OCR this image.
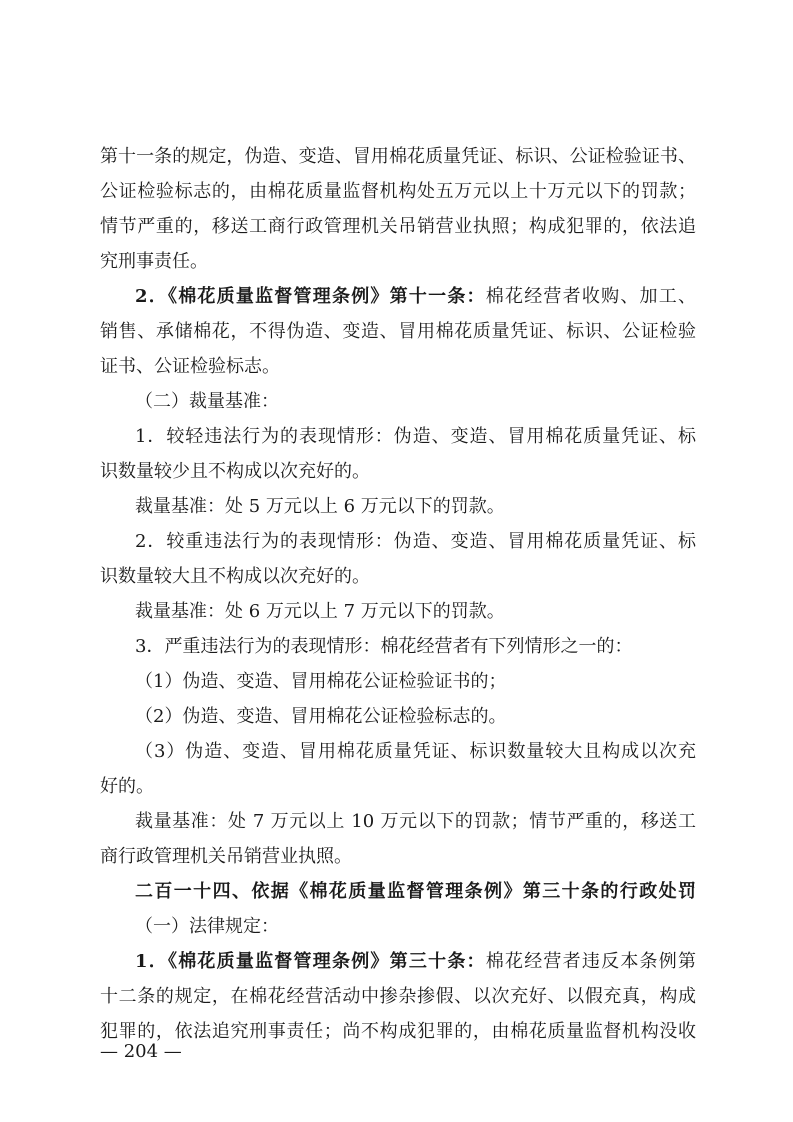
第十一条的规定，伪造、变造、冒用棉花质量凭证、标识、公证检验证书、
公证检验标志的，由棉花质量监督机构处五万元以上十万元以下的罚款；
情节严重的，移送工商行政管理机关吊销营业执照；构成犯罪的，依法追
究刑事责任。
2．《棉花质量监督管理条例》第十一条：棉花经营者收购、加工、
销售、承储棉花，不得伪造、变造、冒用棉花质量凭证、标识、公证检验
证书、公证检验标志。
（二）裁量基准：
1．较轻违法行为的表现情形：伪造、变造、冒用棉花质量凭证、标
识数量较少且不构成以次充好的。
裁量基准：处 5 万元以上 6 万元以下的罚款。
2．较重违法行为的表现情形：伪造、变造、冒用棉花质量凭证、标
识数量较大且不构成以次充好的。
裁量基准：处 6 万元以上 7 万元以下的罚款。
3．严重违法行为的表现情形：棉花经营者有下列情形之一的：
（1）伪造、变造、冒用棉花公证检验证书的；
（2）伪造、变造、冒用棉花公证检验标志的。
（3）伪造、变造、冒用棉花质量凭证、标识数量较大且构成以次充
好的。
裁量基准：处 7 万元以上 10 万元以下的罚款；情节严重的，移送工
商行政管理机关吊销营业执照。
二百一十四、依据《棉花质量监督管理条例》第三十条的行政处罚
（一）法律规定：
1．《棉花质量监督管理条例》第三十条：棉花经营者违反本条例第
十二条的规定，在棉花经营活动中掺杂掺假、以次充好、以假充真，构成
犯罪的，依法追究刑事责任；尚不构成犯罪的，由棉花质量监督机构没收
— 204 —
